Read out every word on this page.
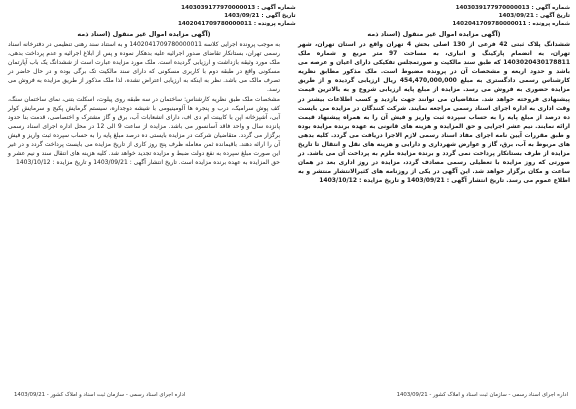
شماره آگهی : 1403039177970000013
تاریخ آگهی : 1403/09/21
شماره پرونده : 1402041709780000011
شماره آگهی : 1403039177970000013
تاریخ آگهی : 1403/09/21
شماره پرونده : 1402041709780000011
(آگهی مزایده اموال غیر منقول (اسناد ذمه

ششدانگ پلاک ثبتی 42 فرعی از 130 اصلی بخش 4 تهران واقع در استان تهران، شهر تهران، به انضمام پارکینگ و انباری، به مساحت 97 متر مربع و شماره ملک 1403020430178811 که طبق سند مالکیت و صورتمجلس تفکیکی دارای اعیان و عرصه می باشد و حدود اربعه و مشخصات آن در پرونده مضبوط است. ملک مذکور مطابق نظریه کارشناس رسمی دادگستری به مبلغ 454,470,000,000 ریال ارزیابی گردیده و از طریق مزایده حضوری به فروش می رسد. مزایده از مبلغ پایه ارزیابی شروع و به بالاترین قیمت پیشنهادی فروخته خواهد شد. متقاضیان می توانند جهت بازدید و کسب اطلاعات بیشتر در وقت اداری به اداره اجرای اسناد رسمی مراجعه نمایند. شرکت کنندگان در مزایده می بایست ده درصد از مبلغ پایه را به حساب سپرده ثبت واریز و فیش آن را به همراه پیشنهاد قیمت ارائه نمایند. نیم عشر اجرایی و حق المزایده و هزینه های قانونی به عهده برنده مزایده بوده و طبق مقررات آیین نامه اجرای مفاد اسناد رسمی لازم الاجرا دریافت می گردد. کلیه بدهی های مربوط به آب، برق، گاز و عوارض شهرداری و دارایی و هزینه های نقل و انتقال تا تاریخ مزایده از طرف بستانکار پرداخت نمی گردد و برنده مزایده ملزم به پرداخت آن می باشد. در صورتی که روز مزایده با تعطیلی رسمی مصادف گردد، مزایده در روز اداری بعد در همان ساعت و مکان برگزار خواهد شد. این آگهی در یکی از روزنامه های کثیرالانتشار منتشر و به اطلاع عموم می رسد. تاریخ انتشار آگهی : 1403/09/21 و تاریخ مزایده : 1403/10/12

(آگهی مزایده اموال غیر منقول (اسناد ذمه

به موجب پرونده اجرایی کلاسه 1402041709780000011 و به استناد سند رهنی تنظیمی در دفترخانه اسناد رسمی تهران، بستانکار تقاضای صدور اجرائیه علیه بدهکار نموده و پس از ابلاغ اجرائیه و عدم پرداخت بدهی، ملک مورد وثیقه بازداشت و ارزیابی گردیده است. ملک مورد مزایده عبارت است از ششدانگ یک باب آپارتمان مسکونی واقع در طبقه دوم با کاربری مسکونی که دارای سند مالکیت تک برگی بوده و در حال حاضر در تصرف مالک می باشد. نظر به اینکه به ارزیابی اعتراض نشده، لذا ملک مذکور از طریق مزایده به فروش می رسد.

مشخصات ملک طبق نظریه کارشناس: ساختمان در سه طبقه روی پیلوت، اسکلت بتنی، نمای ساختمان سنگ، کف پوش سرامیک، درب و پنجره ها آلومینیومی با شیشه دوجداره، سیستم گرمایش پکیج و سرمایش کولر آبی، آشپزخانه اپن با کابینت ام دی اف، دارای انشعابات آب، برق و گاز مشترک و اختصاصی، قدمت بنا حدود پانزده سال و واحد فاقد آسانسور می باشد. مزایده از ساعت 9 الی 12 در محل اداره اجرای اسناد رسمی برگزار می گردد. متقاضیان شرکت در مزایده بایستی ده درصد مبلغ پایه را به حساب سپرده ثبت واریز و فیش آن را ارائه دهند. باقیمانده ثمن معامله ظرف پنج روز کاری از تاریخ مزایده می بایست پرداخت گردد و در غیر این صورت مبلغ سپرده به نفع دولت ضبط و مزایده تجدید خواهد شد. کلیه هزینه های انتقال سند و نیم عشر و حق المزایده به عهده برنده مزایده است. تاریخ انتشار آگهی : 1403/09/21 و تاریخ مزایده : 1403/10/12

اداره اجرای اسناد رسمی - سازمان ثبت اسناد و املاک کشور - 1403/09/21
اداره اجرای اسناد رسمی - سازمان ثبت اسناد و املاک کشور - 1403/09/21
